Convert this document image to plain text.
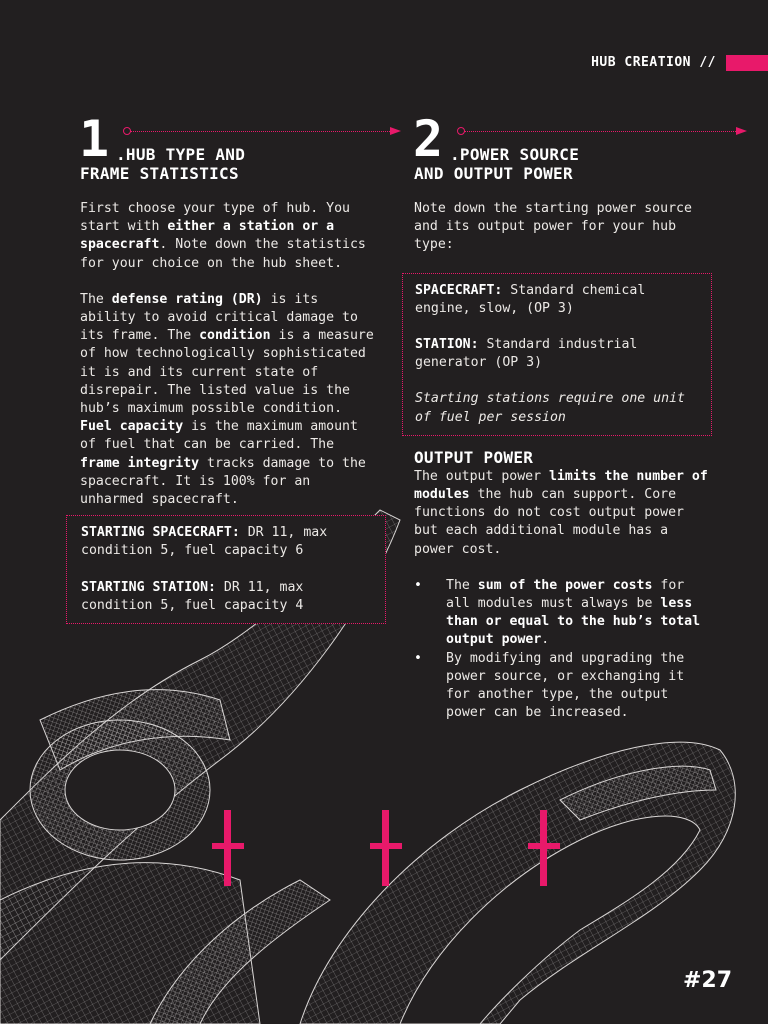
HUB CREATION //
1 .HUB TYPE AND
FRAME STATISTICS

First choose your type of hub. You start with either a station or a spacecraft. Note down the statistics for your choice on the hub sheet.

The defense rating (DR) is its ability to avoid critical damage to its frame. The condition is a measure of how technologically sophisticated it is and its current state of disrepair. The listed value is the hub’s maximum possible condition. Fuel capacity is the maximum amount of fuel that can be carried. The frame integrity tracks damage to the spacecraft. It is 100% for an unharmed spacecraft.

STARTING SPACECRAFT: DR 11, max condition 5, fuel capacity 6

STARTING STATION: DR 11, max condition 5, fuel capacity 4

2 .POWER SOURCE
AND OUTPUT POWER

Note down the starting power source and its output power for your hub type:

SPACECRAFT: Standard chemical engine, slow, (OP 3)

STATION: Standard industrial generator (OP 3)

Starting stations require one unit of fuel per session

OUTPUT POWER

The output power limits the number of modules the hub can support. Core functions do not cost output power but each additional module has a power cost.

• The sum of the power costs for all modules must always be less than or equal to the hub’s total output power.
• By modifying and upgrading the power source, or exchanging it for another type, the output power can be increased.
#27
